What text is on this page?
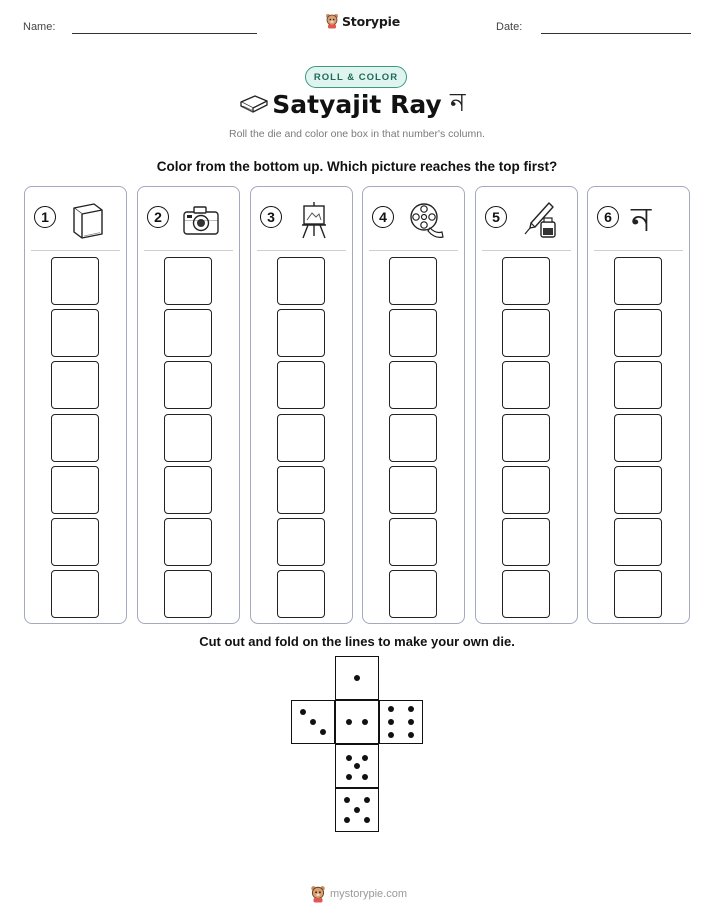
Name:	Storypie	Date:
ROLL & COLOR
Satyajit Ray ন
Roll the die and color one box in that number's column.
Color from the bottom up. Which picture reaches the top first?
1	2	3	4	5	6 ন
Cut out and fold on the lines to make your own die.
mystorypie.com
